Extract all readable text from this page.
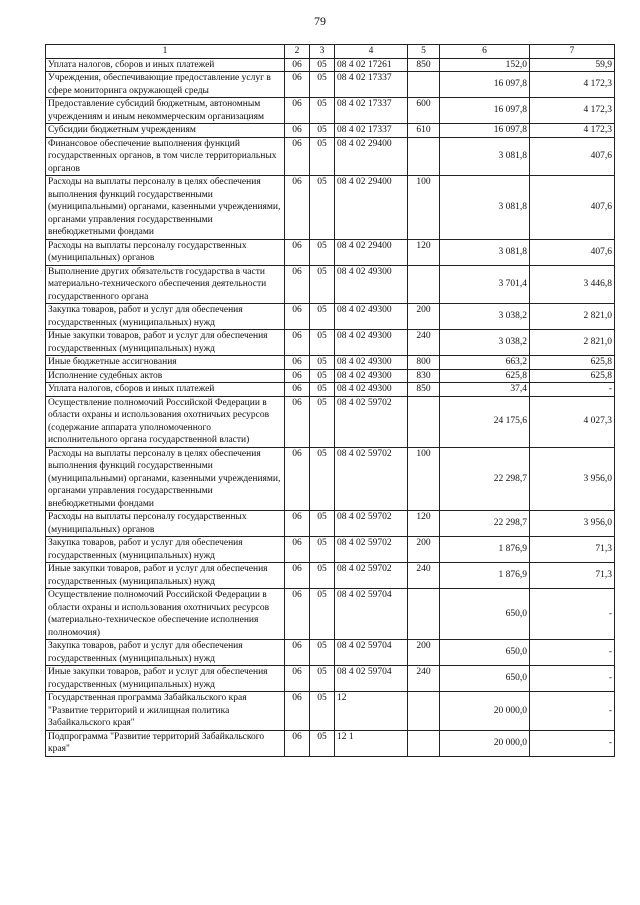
79
1	2	3	4	5	6	7
Уплата налогов, сборов и иных платежей	06	05	08 4 02 17261	850	152,0	59,9
Учреждения, обеспечивающие предоставление услуг в сфере мониторинга окружающей среды	06	05	08 4 02 17337		16 097,8	4 172,3
Предоставление субсидий бюджетным, автономным учреждениям и иным некоммерческим организациям	06	05	08 4 02 17337	600	16 097,8	4 172,3
Субсидии бюджетным учреждениям	06	05	08 4 02 17337	610	16 097,8	4 172,3
Финансовое обеспечение выполнения функций государственных органов, в том числе территориальных органов	06	05	08 4 02 29400		3 081,8	407,6
Расходы на выплаты персоналу в целях обеспечения выполнения функций государственными (муниципальными) органами, казенными учреждениями, органами управления государственными внебюджетными фондами	06	05	08 4 02 29400	100	3 081,8	407,6
Расходы на выплаты персоналу государственных (муниципальных) органов	06	05	08 4 02 29400	120	3 081,8	407,6
Выполнение других обязательств государства в части материально-технического обеспечения деятельности государственного органа	06	05	08 4 02 49300		3 701,4	3 446,8
Закупка товаров, работ и услуг для обеспечения государственных (муниципальных) нужд	06	05	08 4 02 49300	200	3 038,2	2 821,0
Иные закупки товаров, работ и услуг для обеспечения государственных (муниципальных) нужд	06	05	08 4 02 49300	240	3 038,2	2 821,0
Иные бюджетные ассигнования	06	05	08 4 02 49300	800	663,2	625,8
Исполнение судебных актов	06	05	08 4 02 49300	830	625,8	625,8
Уплата налогов, сборов и иных платежей	06	05	08 4 02 49300	850	37,4	-
Осуществление полномочий Российской Федерации в области охраны и использования охотничьих ресурсов (содержание аппарата уполномоченного исполнительного органа государственной власти)	06	05	08 4 02 59702		24 175,6	4 027,3
Расходы на выплаты персоналу в целях обеспечения выполнения функций государственными (муниципальными) органами, казенными учреждениями, органами управления государственными внебюджетными фондами	06	05	08 4 02 59702	100	22 298,7	3 956,0
Расходы на выплаты персоналу государственных (муниципальных) органов	06	05	08 4 02 59702	120	22 298,7	3 956,0
Закупка товаров, работ и услуг для обеспечения государственных (муниципальных) нужд	06	05	08 4 02 59702	200	1 876,9	71,3
Иные закупки товаров, работ и услуг для обеспечения государственных (муниципальных) нужд	06	05	08 4 02 59702	240	1 876,9	71,3
Осуществление полномочий Российской Федерации в области охраны и использования охотничьих ресурсов (материально-техническое обеспечение исполнения полномочия)	06	05	08 4 02 59704		650,0	-
Закупка товаров, работ и услуг для обеспечения государственных (муниципальных) нужд	06	05	08 4 02 59704	200	650,0	-
Иные закупки товаров, работ и услуг для обеспечения государственных (муниципальных) нужд	06	05	08 4 02 59704	240	650,0	-
Государственная программа Забайкальского края "Развитие территорий и жилищная политика Забайкальского края"	06	05	12		20 000,0	-
Подпрограмма "Развитие территорий Забайкальского края"	06	05	12 1		20 000,0	-
